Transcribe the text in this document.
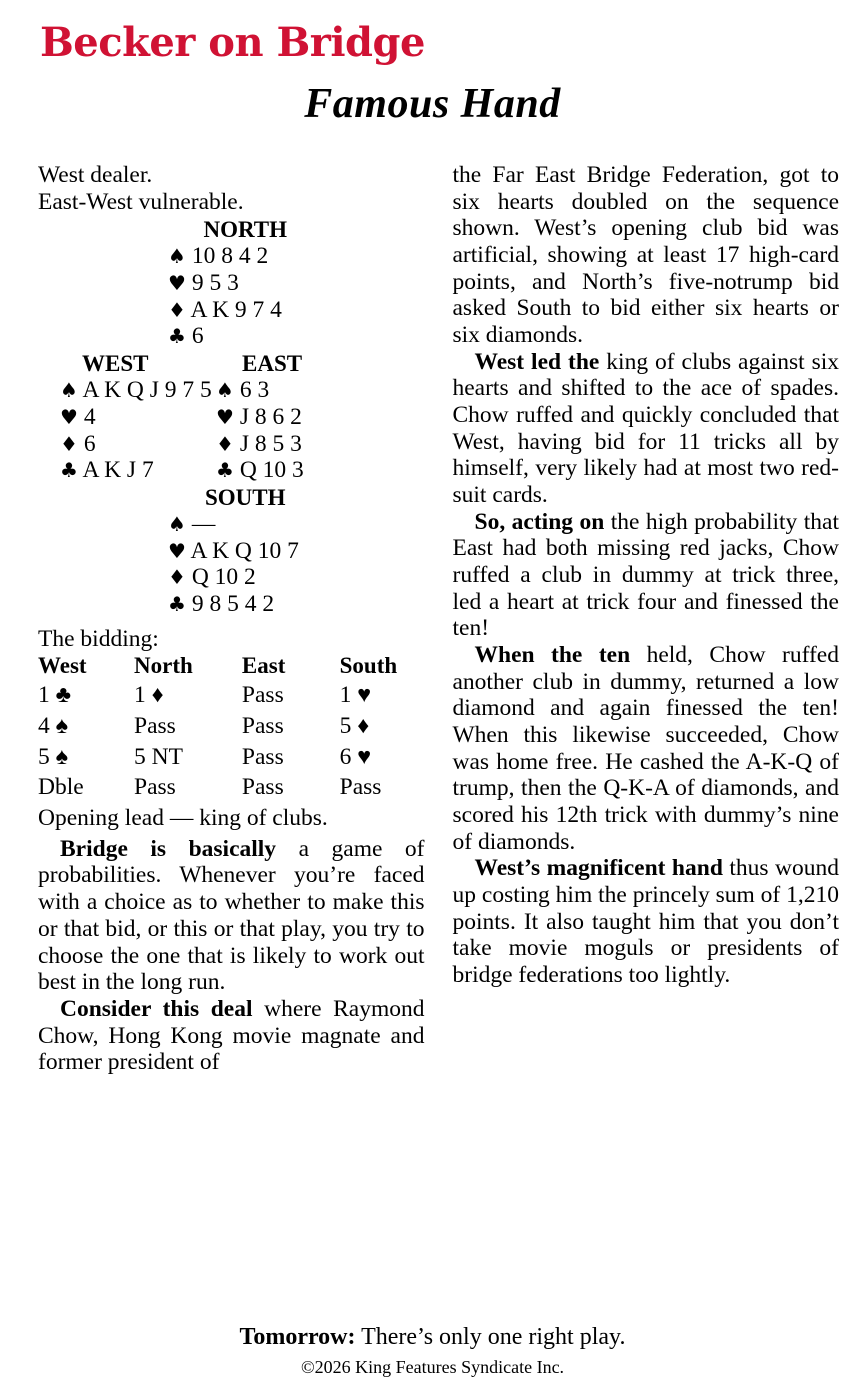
Becker on Bridge
Famous Hand
West dealer.
East-West vulnerable.
NORTH
♠ 10 8 4 2
♥ 9 5 3
♦ A K 9 7 4
♣ 6
WEST
♠ A K Q J 9 7 5
♥ 4
♦ 6
♣ A K J 7
EAST
♠ 6 3
♥ J 8 6 2
♦ J 8 5 3
♣ Q 10 3
SOUTH
♠ —
♥ A K Q 10 7
♦ Q 10 2
♣ 9 8 5 4 2
The bidding:
West	North	East	South
1 ♣	1 ♦	Pass	1 ♥
4 ♠	Pass	Pass	5 ♦
5 ♠	5 NT	Pass	6 ♥
Dble	Pass	Pass	Pass
Opening lead — king of clubs.

Bridge is basically a game of probabilities. Whenever you’re faced with a choice as to whether to make this or that bid, or this or that play, you try to choose the one that is likely to work out best in the long run.

Consider this deal where Raymond Chow, Hong Kong movie magnate and former president of

the Far East Bridge Federation, got to six hearts doubled on the sequence shown. West’s opening club bid was artificial, showing at least 17 high-card points, and North’s five-notrump bid asked South to bid either six hearts or six diamonds.

West led the king of clubs against six hearts and shifted to the ace of spades. Chow ruffed and quickly concluded that West, having bid for 11 tricks all by himself, very likely had at most two red-suit cards.

So, acting on the high probability that East had both missing red jacks, Chow ruffed a club in dummy at trick three, led a heart at trick four and finessed the ten!

When the ten held, Chow ruffed another club in dummy, returned a low diamond and again finessed the ten! When this likewise succeeded, Chow was home free. He cashed the A-K-Q of trump, then the Q-K-A of diamonds, and scored his 12th trick with dummy’s nine of diamonds.

West’s magnificent hand thus wound up costing him the princely sum of 1,210 points. It also taught him that you don’t take movie moguls or presidents of bridge federations too lightly.

Tomorrow: There’s only one right play.
©2026 King Features Syndicate Inc.
